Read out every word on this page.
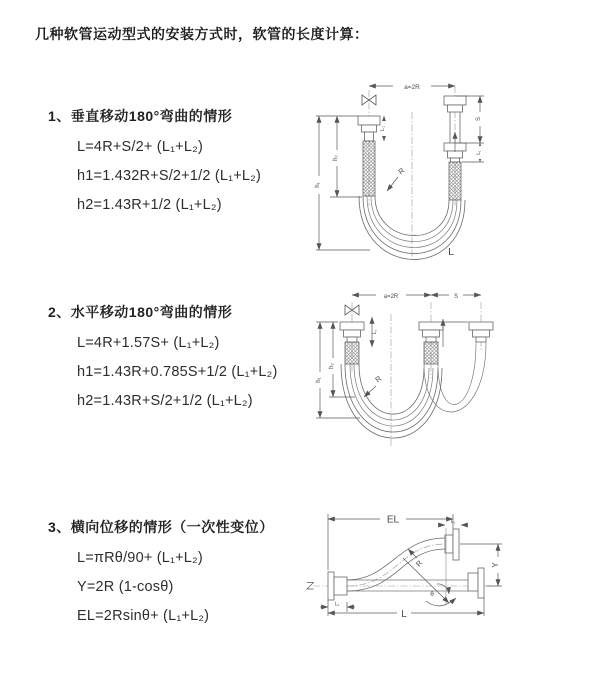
几种软管运动型式的安装方式时，软管的长度计算：
1、垂直移动180°弯曲的情形
L=4R+S/2+ (L₁+L₂)
h1=1.432R+S/2+1/2 (L₁+L₂)
h2=1.43R+1/2 (L₁+L₂)
2、水平移动180°弯曲的情形
L=4R+1.57S+ (L₁+L₂)
h1=1.43R+0.785S+1/2 (L₁+L₂)
h2=1.43R+S/2+1/2 (L₁+L₂)
3、横向位移的情形（一次性变位）
L=πRθ/90+ (L₁+L₂)
Y=2R (1-cosθ)
EL=2Rsinθ+ (L₁+L₂)
a=2R
L₁
S
L₁
h₁
h₂
R
L
a=2R	S
h₁
h₂
L₁
R
θ
EL	L₁
Y
L
L₁
R
